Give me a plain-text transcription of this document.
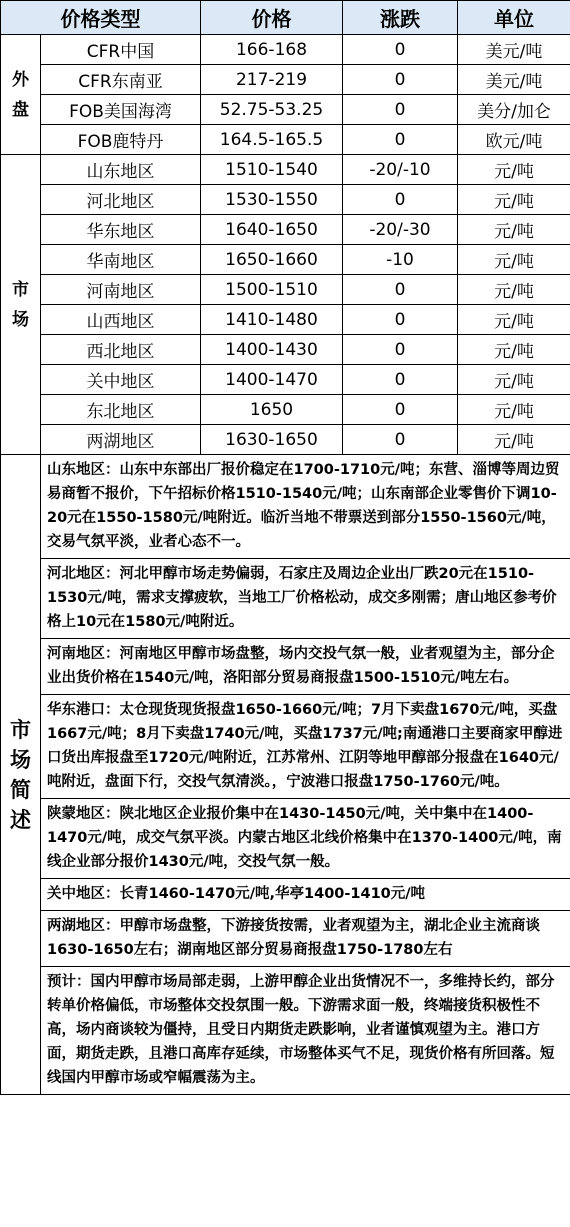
价格类型		价格	涨跌	单位

外
盘	CFR中国	166-168	0	美元/吨
	CFR东南亚	217-219	0	美元/吨
	FOB美国海湾	52.75-53.25	0	美分/加仑
	FOB鹿特丹	164.5-165.5	0	欧元/吨

市
场	山东地区	1510-1540	-20/-10	元/吨
	河北地区	1530-1550	0	元/吨
	华东地区	1640-1650	-20/-30	元/吨
	华南地区	1650-1660	-10	元/吨
	河南地区	1500-1510	0	元/吨
	山西地区	1410-1480	0	元/吨
	西北地区	1400-1430	0	元/吨
	关中地区	1400-1470	0	元/吨
	东北地区	1650	0	元/吨
	两湖地区	1630-1650	0	元/吨

市
场
简
述	山东地区：山东中东部出厂报价稳定在1700-1710元/吨；东营、淄博等周边贸易商暂不报价，下午招标价格1510-1540元/吨；山东南部企业零售价下调10-20元在1550-1580元/吨附近。临沂当地不带票送到部分1550-1560元/吨，交易气氛平淡，业者心态不一。			
	河北地区：河北甲醇市场走势偏弱，石家庄及周边企业出厂跌20元在1510-1530元/吨，需求支撑疲软，当地工厂价格松动，成交多刚需；唐山地区参考价格上10元在1580元/吨附近。			
	河南地区：河南地区甲醇市场盘整，场内交投气氛一般，业者观望为主，部分企业出货价格在1540元/吨，洛阳部分贸易商报盘1500-1510元/吨左右。			
	华东港口：太仓现货现货报盘1650-1660元/吨；7月下卖盘1670元/吨，买盘1667元/吨；8月下卖盘1740元/吨，买盘1737元/吨;南通港口主要商家甲醇进口货出库报盘至1720元/吨附近，江苏常州、江阴等地甲醇部分报盘在1640元/吨附近，盘面下行，交投气氛清淡。，宁波港口报盘1750-1760元/吨。			
	陕蒙地区：陕北地区企业报价集中在1430-1450元/吨，关中集中在1400-1470元/吨，成交气氛平淡。内蒙古地区北线价格集中在1370-1400元/吨，南线企业部分报价1430元/吨，交投气氛一般。			
	关中地区：长青1460-1470元/吨,华亭1400-1410元/吨			
	两湖地区：甲醇市场盘整，下游接货按需，业者观望为主，湖北企业主流商谈1630-1650左右；湖南地区部分贸易商报盘1750-1780左右			
	预计：国内甲醇市场局部走弱，上游甲醇企业出货情况不一，多维持长约，部分转单价格偏低，市场整体交投氛围一般。下游需求面一般，终端接货积极性不高，场内商谈较为僵持，且受日内期货走跌影响，业者谨慎观望为主。港口方面，期货走跌，且港口高库存延续，市场整体买气不足，现货价格有所回落。短线国内甲醇市场或窄幅震荡为主。			
